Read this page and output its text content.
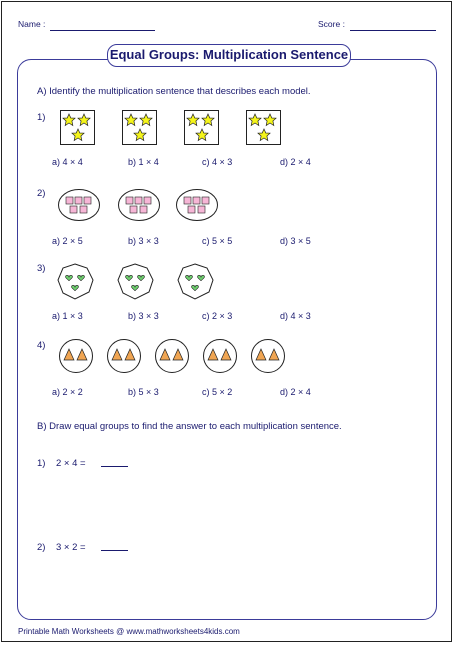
Name :	Score :
Equal Groups: Multiplication Sentence
A) Identify the multiplication sentence that describes each model.
1)
a) 4 × 4	b) 1 × 4	c) 4 × 3	d) 2 × 4
2)
a) 2 × 5	b) 3 × 3	c) 5 × 5	d) 3 × 5
3)
a) 1 × 3	b) 3 × 3	c) 2 × 3	d) 4 × 3
4)
a) 2 × 2	b) 5 × 3	c) 5 × 2	d) 2 × 4
B) Draw equal groups to find the answer to each multiplication sentence.
1) 2 × 4 =
2) 3 × 2 =
Printable Math Worksheets @ www.mathworksheets4kids.com
